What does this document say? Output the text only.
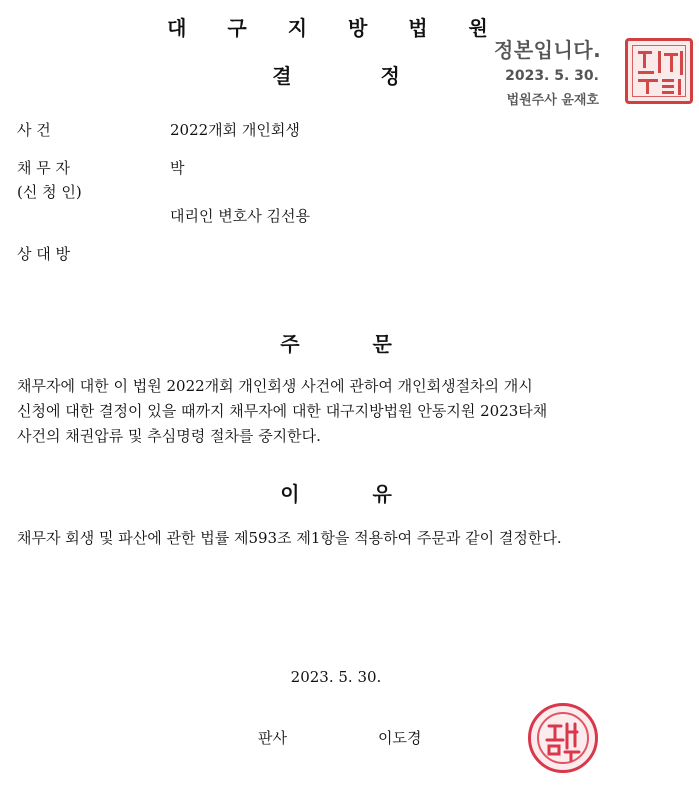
대 구 지 방 법 원
결 정
정본입니다.
2023. 5. 30.
법원주사 윤재호
사 건	2022개회 개인회생
채 무 자	박
(신 청 인)
대리인 변호사 김선용
상 대 방
주 문
채무자에 대한 이 법원 2022개회 개인회생 사건에 관하여 개인회생절차의 개시
신청에 대한 결정이 있을 때까지 채무자에 대한 대구지방법원 안동지원 2023타채
사건의 채권압류 및 추심명령 절차를 중지한다.
이 유
채무자 회생 및 파산에 관한 법률 제593조 제1항을 적용하여 주문과 같이 결정한다.
2023. 5. 30.
판사	이도경
